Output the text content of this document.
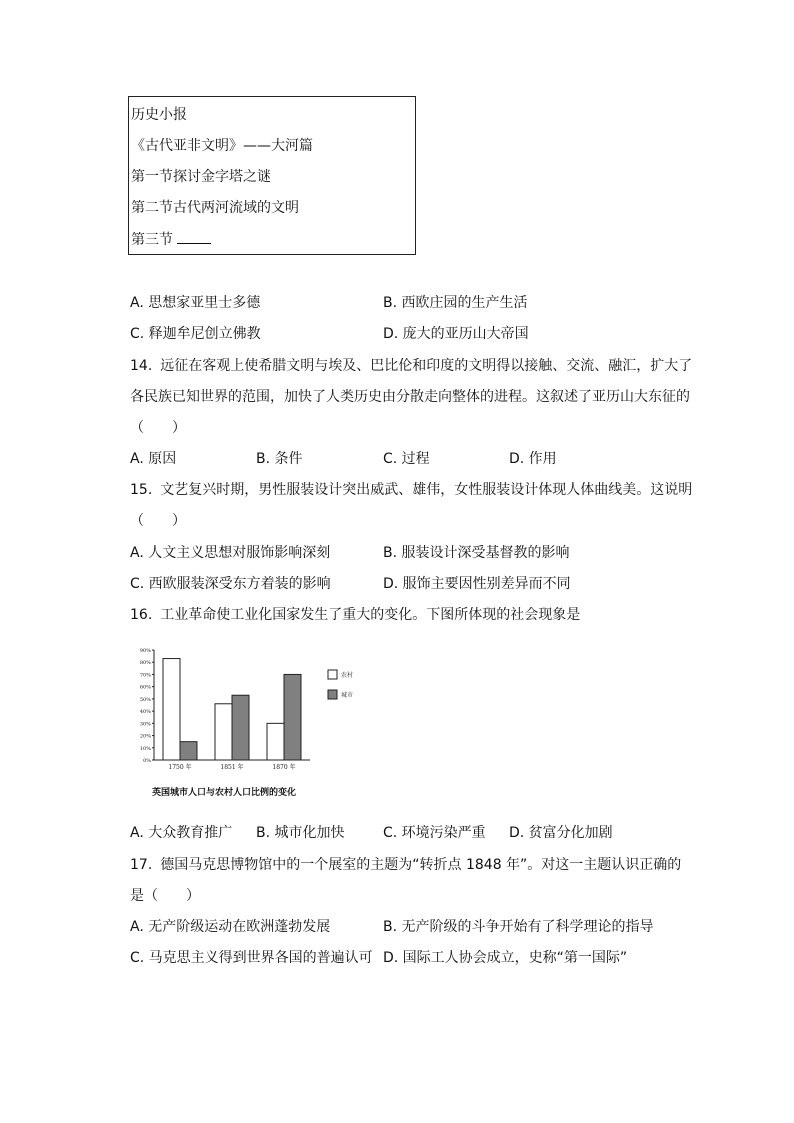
历史小报
《古代亚非文明》——大河篇
第一节探讨金字塔之谜
第二节古代两河流域的文明
第三节
A. 思想家亚里士多德	B. 西欧庄园的生产生活
C. 释迦牟尼创立佛教	D. 庞大的亚历山大帝国
14. 远征在客观上使希腊文明与埃及、巴比伦和印度的文明得以接触、交流、融汇，扩大了
各民族已知世界的范围，加快了人类历史由分散走向整体的进程。这叙述了亚历山大东征的
（　　）
A. 原因	B. 条件	C. 过程	D. 作用
15. 文艺复兴时期，男性服装设计突出威武、雄伟，女性服装设计体现人体曲线美。这说明
（　　）
A. 人文主义思想对服饰影响深刻	B. 服装设计深受基督教的影响
C. 西欧服装深受东方着装的影响	D. 服饰主要因性别差异而不同
16. 工业革命使工业化国家发生了重大的变化。下图所体现的社会现象是
0%
10%
20%
30%
40%
50%
60%
70%
80%
90%
1750 年	1851 年	1870 年
农村
城市
英国城市人口与农村人口比例的变化
A. 大众教育推广 B. 城市化加快	C. 环境污染严重 D. 贫富分化加剧
17. 德国马克思博物馆中的一个展室的主题为“转折点 1848 年”。对这一主题认识正确的
是（　　）
A. 无产阶级运动在欧洲蓬勃发展	B. 无产阶级的斗争开始有了科学理论的指导
C. 马克思主义得到世界各国的普遍认可 D. 国际工人协会成立，史称“第一国际”
